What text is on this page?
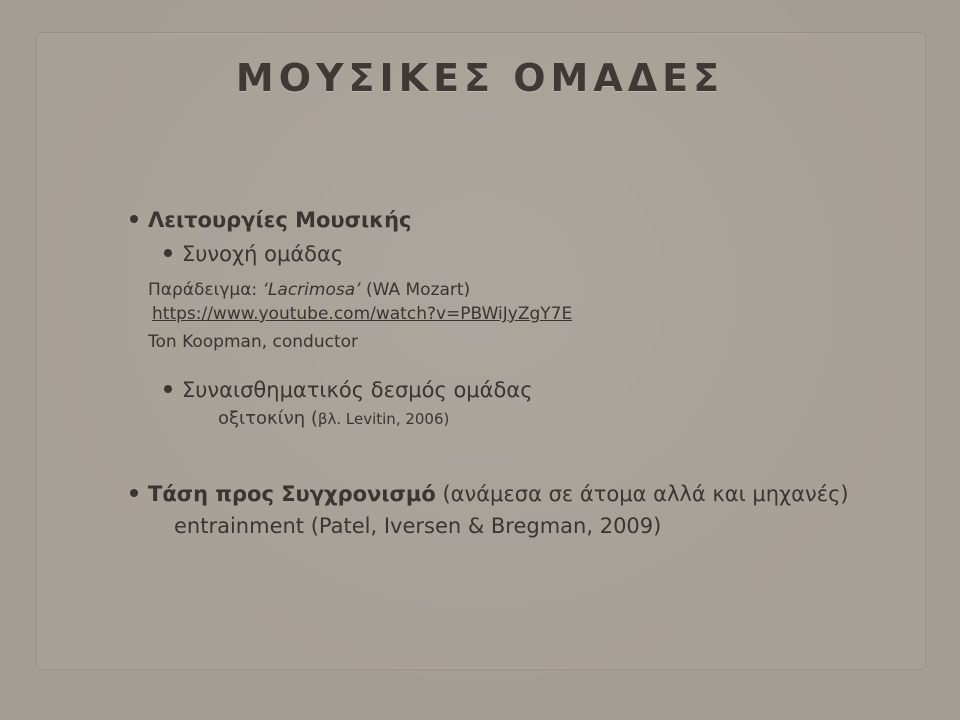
ΜΟΥΣΙΚΕΣ ΟΜΑΔΕΣ
Λειτουργίες Μουσικής
Συνοχή ομάδας
Παράδειγμα: ‘Lacrimosa’ (WA Mozart)
https://www.youtube.com/watch?v=PBWiJyZgY7E
Ton Koopman, conductor
Συναισθηματικός δεσμός ομάδας
οξιτοκίνη (βλ. Levitin, 2006)
Τάση προς Συγχρονισμό (ανάμεσα σε άτομα αλλά και μηχανές)
entrainment (Patel, Iversen & Bregman, 2009)
